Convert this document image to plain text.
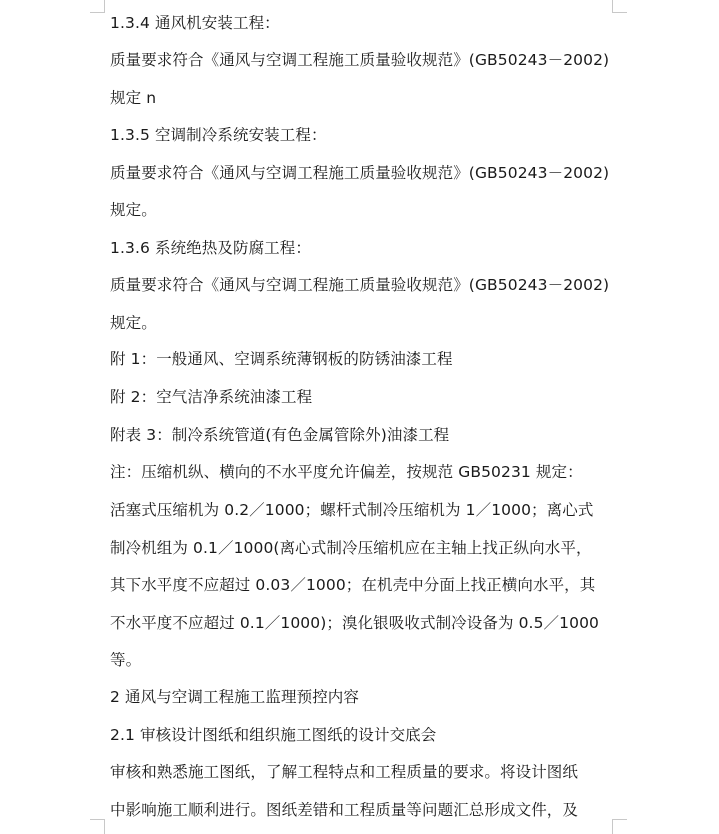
1.3.4 通风机安装工程：
质量要求符合《通风与空调工程施工质量验收规范》(GB50243－2002)
规定 n
1.3.5 空调制冷系统安装工程：
质量要求符合《通风与空调工程施工质量验收规范》(GB50243－2002)
规定。
1.3.6 系统绝热及防腐工程：
质量要求符合《通风与空调工程施工质量验收规范》(GB50243－2002)
规定。
附 1：一般通风、空调系统薄钢板的防锈油漆工程
附 2：空气洁净系统油漆工程
附表 3：制冷系统管道(有色金属管除外)油漆工程
注：压缩机纵、横向的不水平度允许偏差，按规范 GB50231 规定：
活塞式压缩机为 0.2／1000；螺杆式制冷压缩机为 1／1000；离心式
制冷机组为 0.1／1000(离心式制冷压缩机应在主轴上找正纵向水平，
其下水平度不应超过 0.03／1000；在机壳中分面上找正横向水平，其
不水平度不应超过 0.1／1000)；溴化银吸收式制冷设备为 0.5／1000
等。
2 通风与空调工程施工监理预控内容
2.1 审核设计图纸和组织施工图纸的设计交底会
审核和熟悉施工图纸，了解工程特点和工程质量的要求。将设计图纸
中影响施工顺利进行。图纸差错和工程质量等问题汇总形成文件，及
